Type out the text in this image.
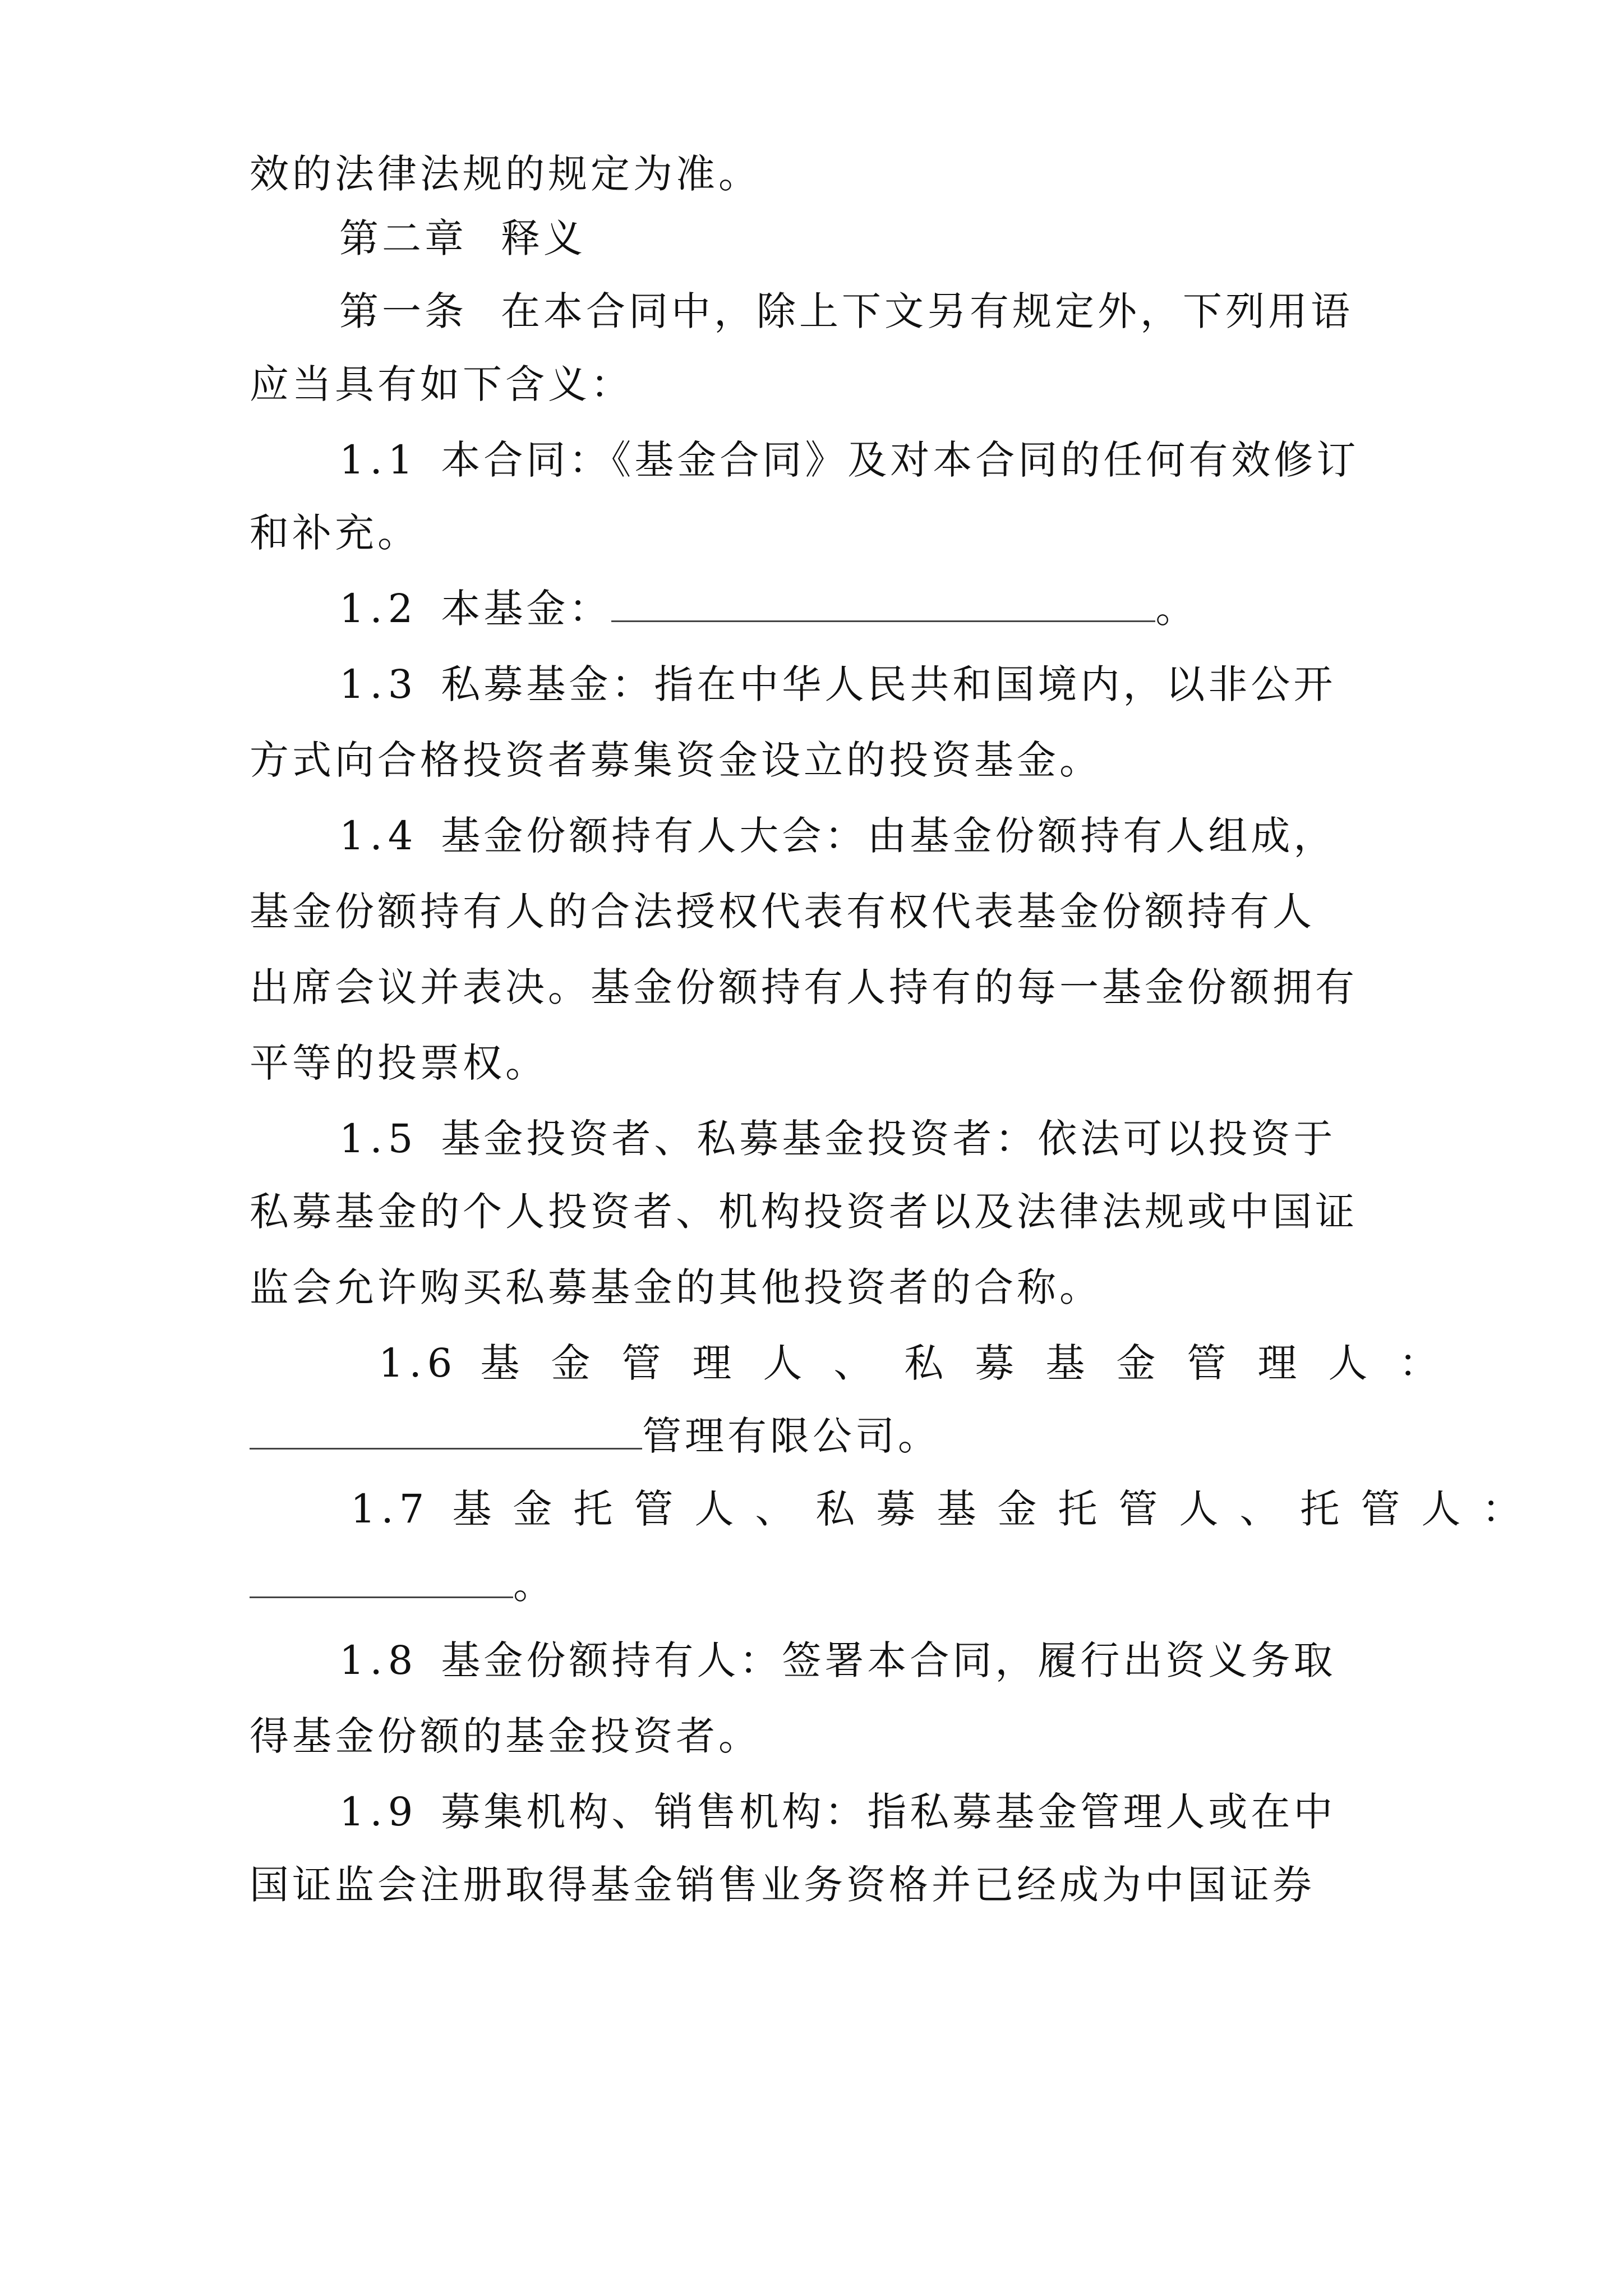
效的法律法规的规定为准。
第二章 释义
第一条 在本合同中，除上下文另有规定外，下列用语
应当具有如下含义：
1.1 本合同：《基金合同》及对本合同的任何有效修订
和补充。
1.2 本基金：	。
1.3 私募基金：指在中华人民共和国境内，以非公开
方式向合格投资者募集资金设立的投资基金。
1.4 基金份额持有人大会：由基金份额持有人组成，
基金份额持有人的合法授权代表有权代表基金份额持有人
出席会议并表决。基金份额持有人持有的每一基金份额拥有
平等的投票权。
1.5 基金投资者、私募基金投资者：依法可以投资于
私募基金的个人投资者、机构投资者以及法律法规或中国证
监会允许购买私募基金的其他投资者的合称。
1.6 基金管理人、私募基金管理人：
管理有限公司。
1.7 基金托管人、私募基金托管人、托管人：
。
1.8 基金份额持有人：签署本合同，履行出资义务取
得基金份额的基金投资者。
1.9 募集机构、销售机构：指私募基金管理人或在中
国证监会注册取得基金销售业务资格并已经成为中国证券
